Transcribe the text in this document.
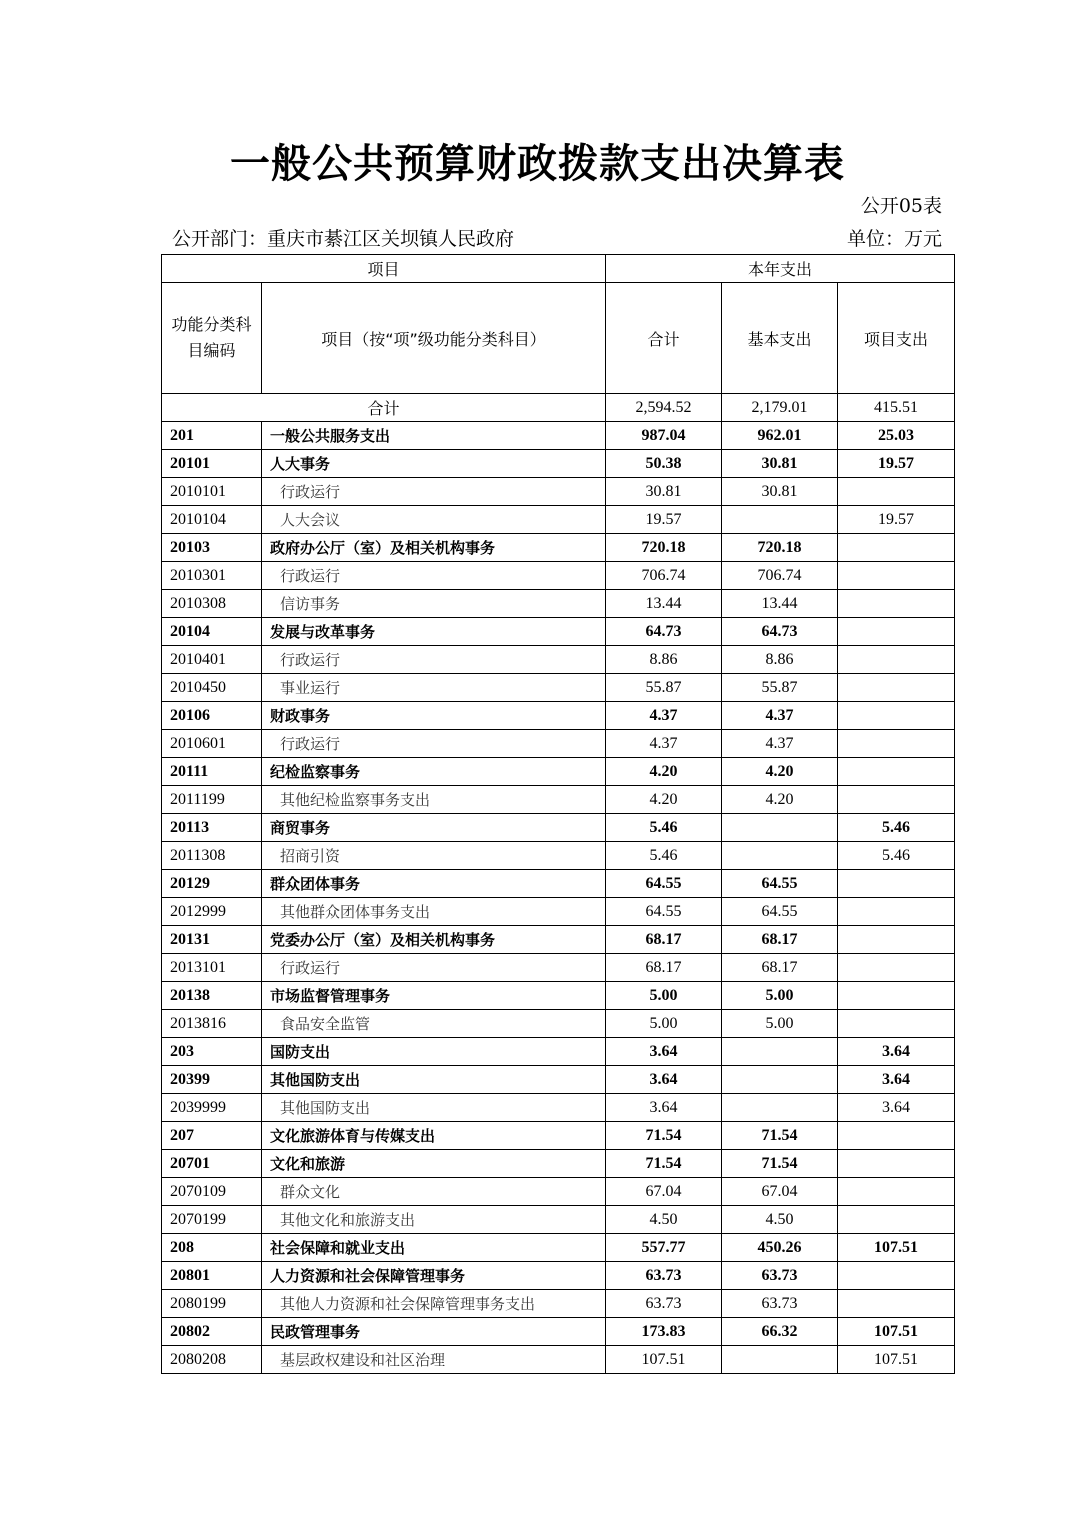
一般公共预算财政拨款支出决算表
公开05表
公开部门：重庆市綦江区关坝镇人民政府	单位：万元
项目		本年支出		
功能分类科目编码	项目（按“项”级功能分类科目）	合计	基本支出	项目支出
合计		2,594.52	2,179.01	415.51
201	一般公共服务支出	987.04	962.01	25.03
20101	人大事务	50.38	30.81	19.57
2010101	行政运行	30.81	30.81	
2010104	人大会议	19.57		19.57
20103	政府办公厅（室）及相关机构事务	720.18	720.18	
2010301	行政运行	706.74	706.74	
2010308	信访事务	13.44	13.44	
20104	发展与改革事务	64.73	64.73	
2010401	行政运行	8.86	8.86	
2010450	事业运行	55.87	55.87	
20106	财政事务	4.37	4.37	
2010601	行政运行	4.37	4.37	
20111	纪检监察事务	4.20	4.20	
2011199	其他纪检监察事务支出	4.20	4.20	
20113	商贸事务	5.46		5.46
2011308	招商引资	5.46		5.46
20129	群众团体事务	64.55	64.55	
2012999	其他群众团体事务支出	64.55	64.55	
20131	党委办公厅（室）及相关机构事务	68.17	68.17	
2013101	行政运行	68.17	68.17	
20138	市场监督管理事务	5.00	5.00	
2013816	食品安全监管	5.00	5.00	
203	国防支出	3.64		3.64
20399	其他国防支出	3.64		3.64
2039999	其他国防支出	3.64		3.64
207	文化旅游体育与传媒支出	71.54	71.54	
20701	文化和旅游	71.54	71.54	
2070109	群众文化	67.04	67.04	
2070199	其他文化和旅游支出	4.50	4.50	
208	社会保障和就业支出	557.77	450.26	107.51
20801	人力资源和社会保障管理事务	63.73	63.73	
2080199	其他人力资源和社会保障管理事务支出	63.73	63.73	
20802	民政管理事务	173.83	66.32	107.51
2080208	基层政权建设和社区治理	107.51		107.51
